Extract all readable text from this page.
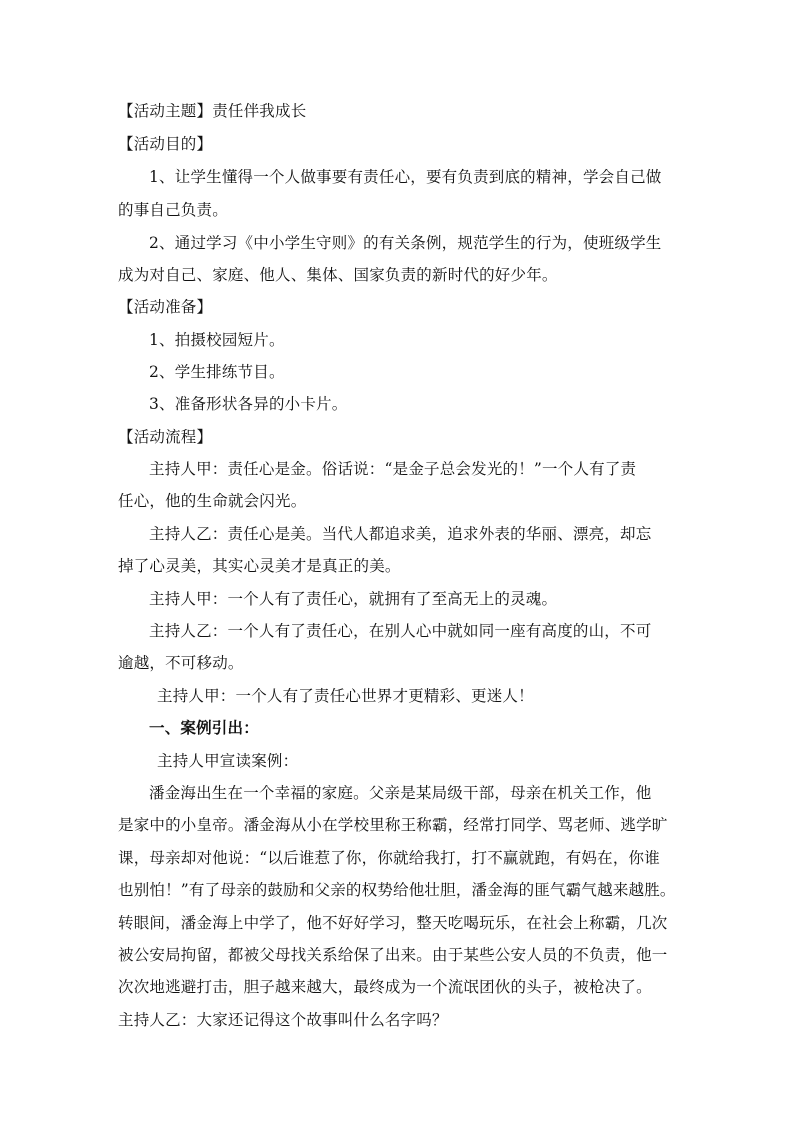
【活动主题】责任伴我成长

【活动目的】

1、让学生懂得一个人做事要有责任心，要有负责到底的精神，学会自己做

的事自己负责。

2、通过学习《中小学生守则》的有关条例，规范学生的行为，使班级学生

成为对自己、家庭、他人、集体、国家负责的新时代的好少年。

【活动准备】

1、拍摄校园短片。

2、学生排练节目。

3、准备形状各异的小卡片。

【活动流程】

主持人甲：责任心是金。俗话说：“是金子总会发光的！”一个人有了责

任心，他的生命就会闪光。

主持人乙：责任心是美。当代人都追求美，追求外表的华丽、漂亮，却忘

掉了心灵美，其实心灵美才是真正的美。

主持人甲：一个人有了责任心，就拥有了至高无上的灵魂。

主持人乙：一个人有了责任心，在别人心中就如同一座有高度的山，不可

逾越，不可移动。

主持人甲：一个人有了责任心世界才更精彩、更迷人！

一、案例引出：

主持人甲宣读案例：

潘金海出生在一个幸福的家庭。父亲是某局级干部，母亲在机关工作，他

是家中的小皇帝。潘金海从小在学校里称王称霸，经常打同学、骂老师、逃学旷

课，母亲却对他说：“以后谁惹了你，你就给我打，打不赢就跑，有妈在，你谁

也别怕！”有了母亲的鼓励和父亲的权势给他壮胆，潘金海的匪气霸气越来越胜。

转眼间，潘金海上中学了，他不好好学习，整天吃喝玩乐，在社会上称霸，几次

被公安局拘留，都被父母找关系给保了出来。由于某些公安人员的不负责，他一

次次地逃避打击，胆子越来越大，最终成为一个流氓团伙的头子，被枪决了。

主持人乙：大家还记得这个故事叫什么名字吗？
